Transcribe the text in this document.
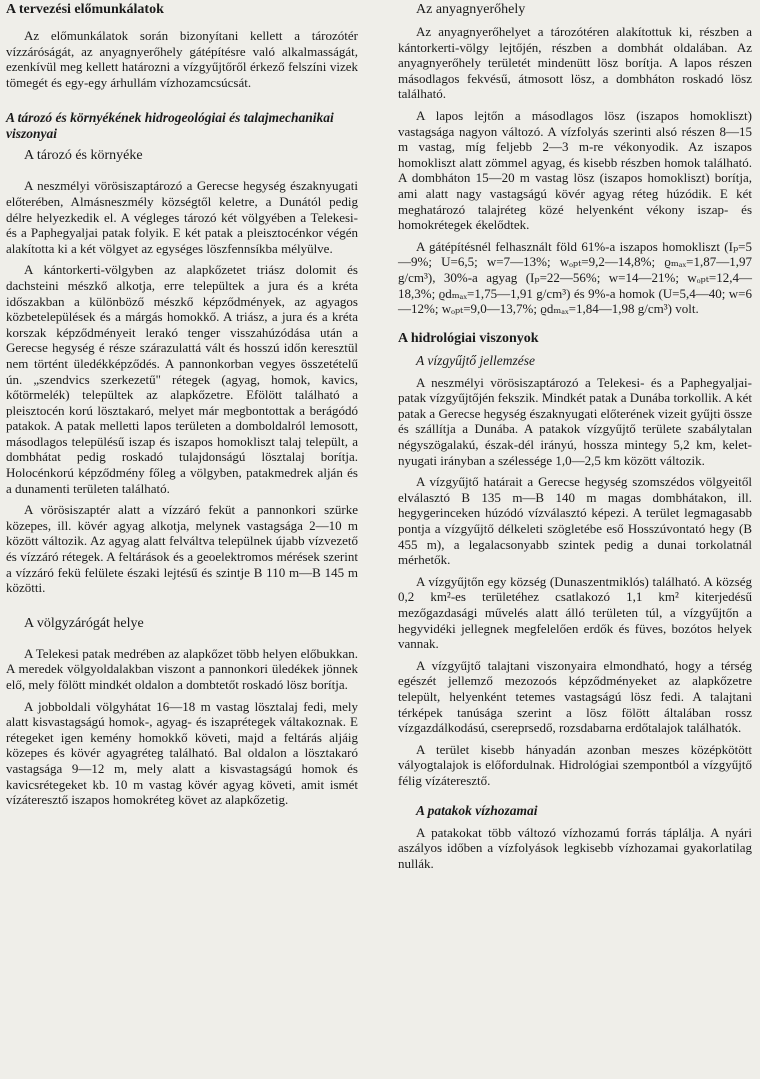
A tervezési előmunkálatok

Az előmunkálatok során bizonyítani kellett a tározótér vízzáróságát, az anyagnyerőhely gátépítésre való alkalmasságát, ezenkívül meg kellett határozni a vízgyűjtőről érkező felszíni vizek tömegét és egy-egy árhullám vízhozamcsúcsát.

A tározó és környékének hidrogeológiai és talajmechanikai viszonyai
A tározó és környéke

A neszmélyi vörösiszaptározó a Gerecse hegység északnyugati előterében, Almásneszmély községtől keletre, a Dunától pedig délre helyezkedik el. A végleges tározó két völgyében a Telekesi- és a Paphegyaljai patak folyik. E két patak a pleisztocénkor végén alakította ki a két völgyet az egységes löszfennsíkba mélyülve.

A kántorkerti-völgyben az alapkőzetet triász dolomit és dachsteini mészkő alkotja, erre települtek a jura és a kréta időszakban a különböző mészkő képződmények, az agyagos közbetelepülések és a márgás homokkő. A triász, a jura és a kréta korszak képződményeit lerakó tenger visszahúzódása után a Gerecse hegység é része szárazulattá vált és hosszú időn keresztül nem történt üledékképződés. A pannonkorban vegyes összetételű ún. „szendvics szerkezetű" rétegek (agyag, homok, kavics, kőtörmelék) települtek az alapkőzetre. Efölött található a pleisztocén korú lösztakaró, melyet már megbontottak a berágódó patakok. A patak melletti lapos területen a domboldalról lemosott, másodlagos településű iszap és iszapos homokliszt talaj települt, a dombhátat pedig roskadó tulajdonságú lösztalaj borítja. Holocénkorú képződmény főleg a völgyben, patakmedrek alján és a dunamenti területen található.

A vörösiszaptér alatt a vízzáró feküt a pannonkori szürke közepes, ill. kövér agyag alkotja, melynek vastagsága 2—10 m között változik. Az agyag alatt felváltva települnek újabb vízvezető és vízzáró rétegek. A feltárások és a geoelektromos mérések szerint a vízzáró fekü felülete északi lejtésű és szintje B 110 m—B 145 m közötti.

A völgyzárógát helye

A Telekesi patak medrében az alapkőzet több helyen előbukkan. A meredek völgyoldalakban viszont a pannonkori üledékek jönnek elő, mely fölött mindkét oldalon a dombtetőt roskadó lösz borítja.

A jobboldali völgyhátat 16—18 m vastag lösztalaj fedi, mely alatt kisvastagságú homok-, agyag- és iszaprétegek váltakoznak. E rétegeket igen kemény homokkő követi, majd a feltárás aljáig közepes és kövér agyagréteg található. Bal oldalon a lösztakaró vastagsága 9—12 m, mely alatt a kisvastagságú homok és kavicsrétegeket kb. 10 m vastag kövér agyag követi, amit ismét vízáteresztő iszapos homokréteg követ az alapkőzetig.

Az anyagnyerőhely

Az anyagnyerőhelyet a tározótéren alakítottuk ki, részben a kántorkerti-völgy lejtőjén, részben a dombhát oldalában. Az anyagnyerőhely területét mindenütt lösz borítja. A lapos részen másodlagos fekvésű, átmosott lösz, a dombháton roskadó lösz található.

A lapos lejtőn a másodlagos lösz (iszapos homokliszt) vastagsága nagyon változó. A vízfolyás szerinti alsó részen 8—15 m vastag, míg feljebb 2—3 m-re vékonyodik. Az iszapos homokliszt alatt zömmel agyag, és kisebb részben homok található. A dombháton 15—20 m vastag lösz (iszapos homokliszt) borítja, ami alatt nagy vastagságú kövér agyag réteg húzódik. E két meghatározó talajréteg közé helyenként vékony iszap- és homokrétegek ékelődtek.

A gátépítésnél felhasznált föld 61%-a iszapos homokliszt (Iₚ=5—9%; U=6,5; w=7—13%; wₒₚₜ=9,2—14,8%; ϱₘₐₓ=1,87—1,97 g/cm³), 30%-a agyag (Iₚ=22—56%; w=14—21%; wₒₚₜ=12,4—18,3%; ϱdₘₐₓ=1,75—1,91 g/cm³) és 9%-a homok (U=5,4—40; w=6—12%; wₒₚₜ=9,0—13,7%; ϱdₘₐₓ=1,84—1,98 g/cm³) volt.

A hidrológiai viszonyok
A vízgyűjtő jellemzése

A neszmélyi vörösiszaptározó a Telekesi- és a Paphegyaljai-patak vízgyűjtőjén fekszik. Mindkét patak a Dunába torkollik. A két patak a Gerecse hegység északnyugati előterének vizeit gyűjti össze és szállítja a Dunába. A patakok vízgyűjtő területe szabálytalan négyszögalakú, észak-dél irányú, hossza mintegy 5,2 km, kelet-nyugati irányban a szélessége 1,0—2,5 km között változik.

A vízgyűjtő határait a Gerecse hegység szomszédos völgyeitől elválasztó B 135 m—B 140 m magas dombhátakon, ill. hegygerinceken húzódó vízválasztó képezi. A terület legmagasabb pontja a vízgyűjtő délkeleti szögletébe eső Hosszúvontató hegy (B 455 m), a legalacsonyabb szintek pedig a dunai torkolatnál mérhetők.

A vízgyűjtőn egy község (Dunaszentmiklós) található. A község 0,2 km²-es területéhez csatlakozó 1,1 km² kiterjedésű mezőgazdasági művelés alatt álló területen túl, a vízgyűjtőn a hegyvidéki jellegnek megfelelően erdők és füves, bozótos helyek vannak.

A vízgyűjtő talajtani viszonyaira elmondható, hogy a térség egészét jellemző mezozoós képződményeket az alapkőzetre települt, helyenként tetemes vastagságú lösz fedi. A talajtani térképek tanúsága szerint a lösz fölött általában rossz vízgazdálkodású, csereprsedő, rozsdabarna erdőtalajok találhatók.

A terület kisebb hányadán azonban meszes középkötött vályogtalajok is előfordulnak. Hidrológiai szempontból a vízgyűjtő félig vízáteresztő.

A patakok vízhozamai

A patakokat több változó vízhozamú forrás táplálja. A nyári aszályos időben a vízfolyások legkisebb vízhozamai gyakorlatilag nullák.
